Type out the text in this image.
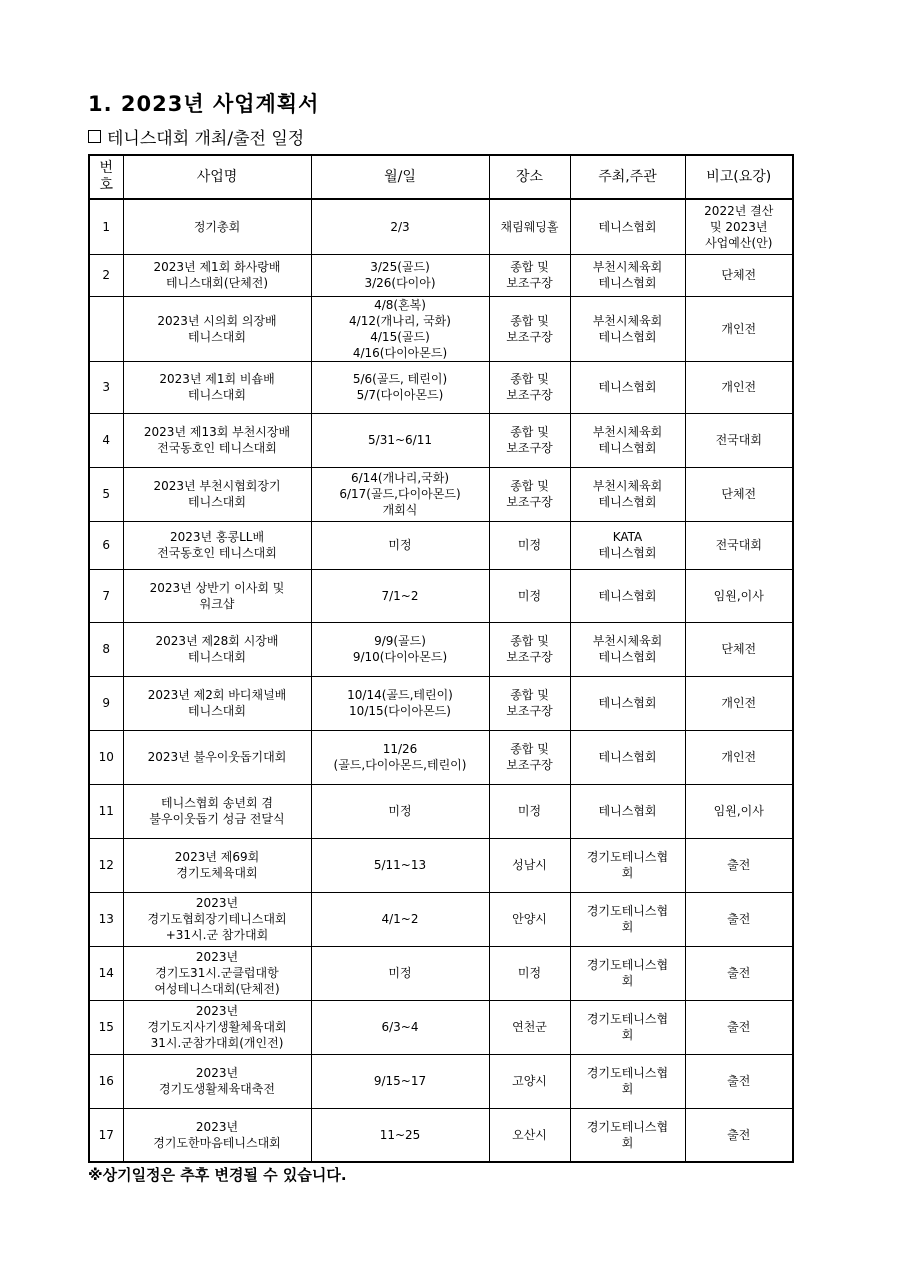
1. 2023년 사업계획서
테니스대회 개최/출전 일정
번
호	사업명	월/일	장소	주최,주관	비고(요강)

1	정기총회	2/3	채림웨딩홀	테니스협회	2022년 결산
및 2023년
사업예산(안)

2	2023년 제1회 화사랑배
테니스대회(단체전)	3/25(골드)
3/26(다이아)	종합 및
보조구장	부천시체육회
테니스협회	단체전

	2023년 시의회 의장배
테니스대회	4/8(혼복)
4/12(개나리, 국화)
4/15(골드)
4/16(다이아몬드)	종합 및
보조구장	부천시체육회
테니스협회	개인전

3	2023년 제1회 비숍배
테니스대회	5/6(골드, 테린이)
5/7(다이아몬드)	종합 및
보조구장	테니스협회	개인전

4	2023년 제13회 부천시장배
전국동호인 테니스대회	5/31~6/11	종합 및
보조구장	부천시체육회
테니스협회	전국대회

5	2023년 부천시협회장기
테니스대회	6/14(개나리,국화)
6/17(골드,다이아몬드)
개회식	종합 및
보조구장	부천시체육회
테니스협회	단체전

6	2023년 홍콩LL배
전국동호인 테니스대회	미정	미정	KATA
테니스협회	전국대회

7	2023년 상반기 이사회 및
워크샵	7/1~2	미정	테니스협회	임원,이사

8	2023년 제28회 시장배
테니스대회	9/9(골드)
9/10(다이아몬드)	종합 및
보조구장	부천시체육회
테니스협회	단체전

9	2023년 제2회 바디채널배
테니스대회	10/14(골드,테린이)
10/15(다이아몬드)	종합 및
보조구장	테니스협회	개인전

10	2023년 불우이웃돕기대회	11/26
(골드,다이아몬드,테린이)	종합 및
보조구장	테니스협회	개인전

11	테니스협회 송년회 겸
불우이웃돕기 성금 전달식	미정	미정	테니스협회	임원,이사

12	2023년 제69회
경기도체육대회	5/11~13	성남시	경기도테니스협
회	출전

13	2023년
경기도협회장기테니스대회
+31시.군 참가대회	4/1~2	안양시	경기도테니스협
회	출전

14	2023년
경기도31시.군클럽대항
여성테니스대회(단체전)	미정	미정	경기도테니스협
회	출전

15	2023년
경기도지사기생활체육대회
31시.군참가대회(개인전)	6/3~4	연천군	경기도테니스협
회	출전

16	2023년
경기도생활체육대축전	9/15~17	고양시	경기도테니스협
회	출전

17	2023년
경기도한마음테니스대회	11~25	오산시	경기도테니스협
회	출전
※상기일정은 추후 변경될 수 있습니다.
